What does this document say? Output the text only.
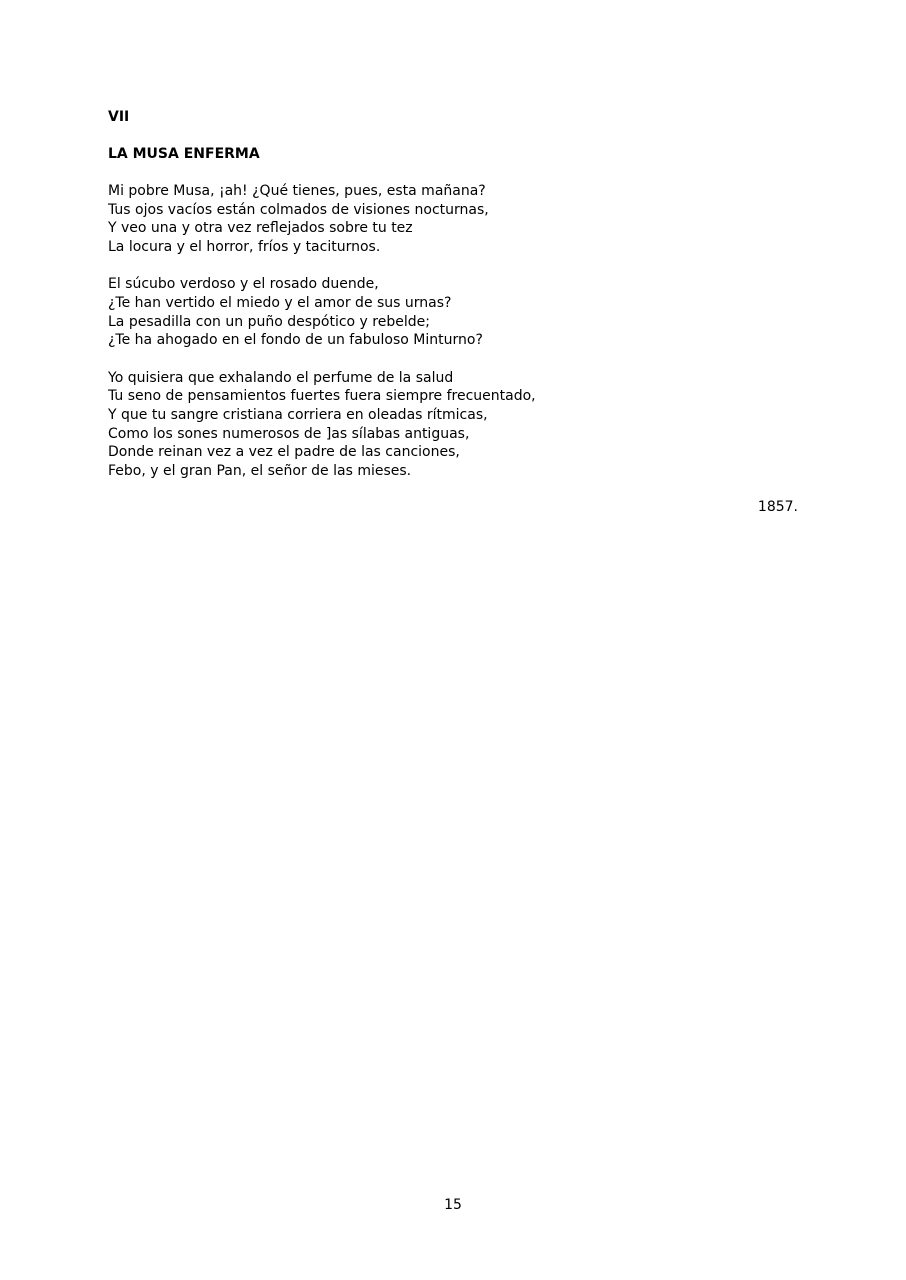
VII
LA MUSA ENFERMA
Mi pobre Musa, ¡ah! ¿Qué tienes, pues, esta mañana?
Tus ojos vacíos están colmados de visiones nocturnas,
Y veo una y otra vez reflejados sobre tu tez
La locura y el horror, fríos y taciturnos.
El súcubo verdoso y el rosado duende,
¿Te han vertido el miedo y el amor de sus urnas?
La pesadilla con un puño despótico y rebelde;
¿Te ha ahogado en el fondo de un fabuloso Minturno?
Yo quisiera que exhalando el perfume de la salud
Tu seno de pensamientos fuertes fuera siempre frecuentado,
Y que tu sangre cristiana corriera en oleadas rítmicas,
Como los sones numerosos de ]as sílabas antiguas,
Donde reinan vez a vez el padre de las canciones,
Febo, y el gran Pan, el señor de las mieses.
1857.
15
